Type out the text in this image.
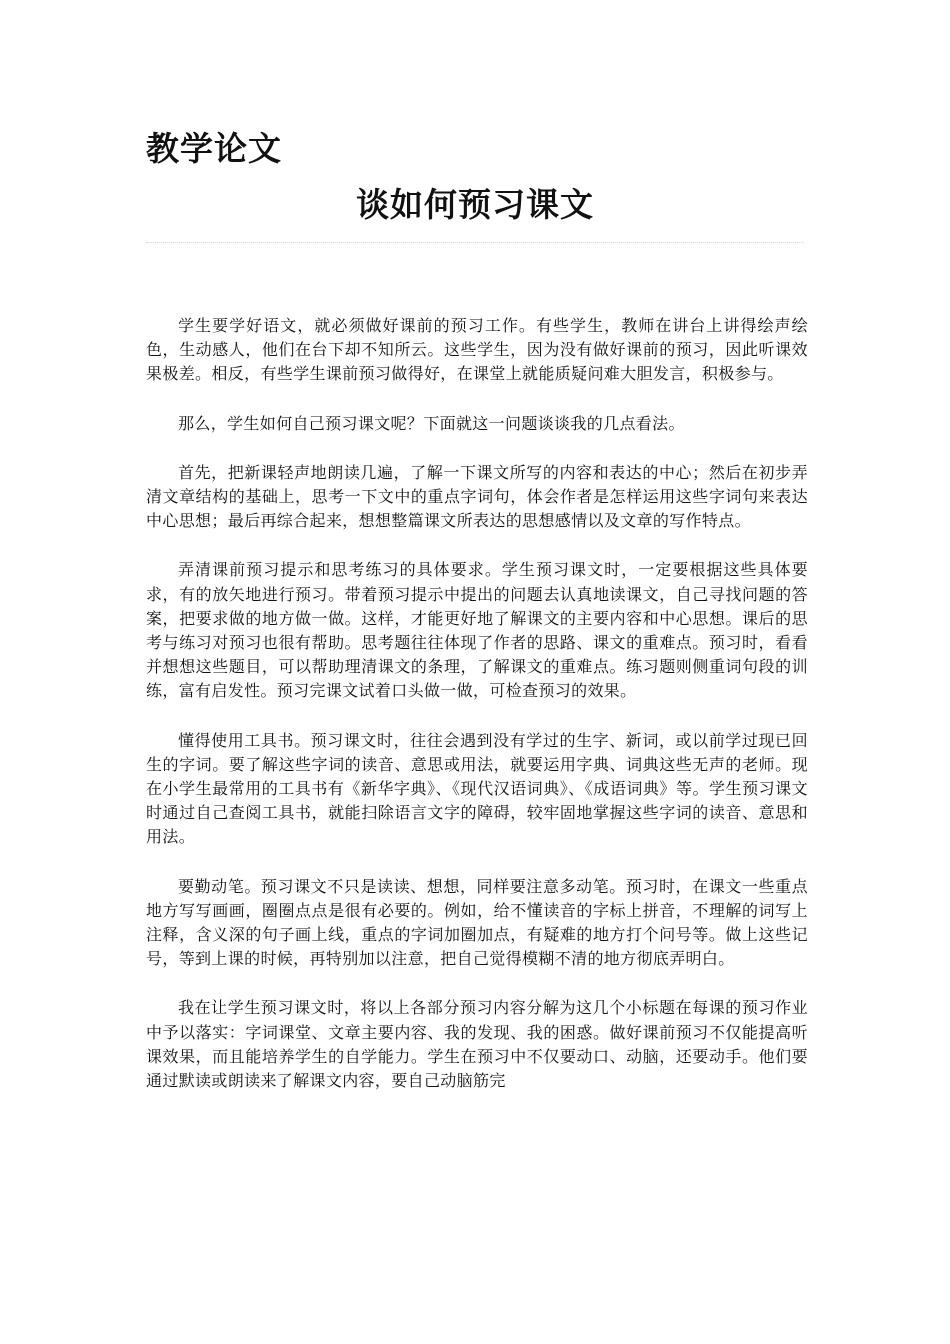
教学论文
谈如何预习课文

学生要学好语文，就必须做好课前的预习工作。有些学生，教师在讲台上讲得绘声绘色，生动感人，他们在台下却不知所云。这些学生，因为没有做好课前的预习，因此听课效果极差。相反，有些学生课前预习做得好，在课堂上就能质疑问难大胆发言，积极参与。

那么，学生如何自己预习课文呢？下面就这一问题谈谈我的几点看法。

首先，把新课轻声地朗读几遍，了解一下课文所写的内容和表达的中心；然后在初步弄清文章结构的基础上，思考一下文中的重点字词句，体会作者是怎样运用这些字词句来表达中心思想；最后再综合起来，想想整篇课文所表达的思想感情以及文章的写作特点。

弄清课前预习提示和思考练习的具体要求。学生预习课文时，一定要根据这些具体要求，有的放矢地进行预习。带着预习提示中提出的问题去认真地读课文，自己寻找问题的答案，把要求做的地方做一做。这样，才能更好地了解课文的主要内容和中心思想。课后的思考与练习对预习也很有帮助。思考题往往体现了作者的思路、课文的重难点。预习时，看看并想想这些题目，可以帮助理清课文的条理，了解课文的重难点。练习题则侧重词句段的训练，富有启发性。预习完课文试着口头做一做，可检查预习的效果。

懂得使用工具书。预习课文时，往往会遇到没有学过的生字、新词，或以前学过现已回生的字词。要了解这些字词的读音、意思或用法，就要运用字典、词典这些无声的老师。现在小学生最常用的工具书有《新华字典》、《现代汉语词典》、《成语词典》等。学生预习课文时通过自己查阅工具书，就能扫除语言文字的障碍，较牢固地掌握这些字词的读音、意思和用法。

要勤动笔。预习课文不只是读读、想想，同样要注意多动笔。预习时，在课文一些重点地方写写画画，圈圈点点是很有必要的。例如，给不懂读音的字标上拼音，不理解的词写上注释，含义深的句子画上线，重点的字词加圈加点，有疑难的地方打个问号等。做上这些记号，等到上课的时候，再特别加以注意，把自己觉得模糊不清的地方彻底弄明白。

我在让学生预习课文时，将以上各部分预习内容分解为这几个小标题在每课的预习作业中予以落实：字词课堂、文章主要内容、我的发现、我的困惑。做好课前预习不仅能提高听课效果，而且能培养学生的自学能力。学生在预习中不仅要动口、动脑，还要动手。他们要通过默读或朗读来了解课文内容，要自己动脑筋完
